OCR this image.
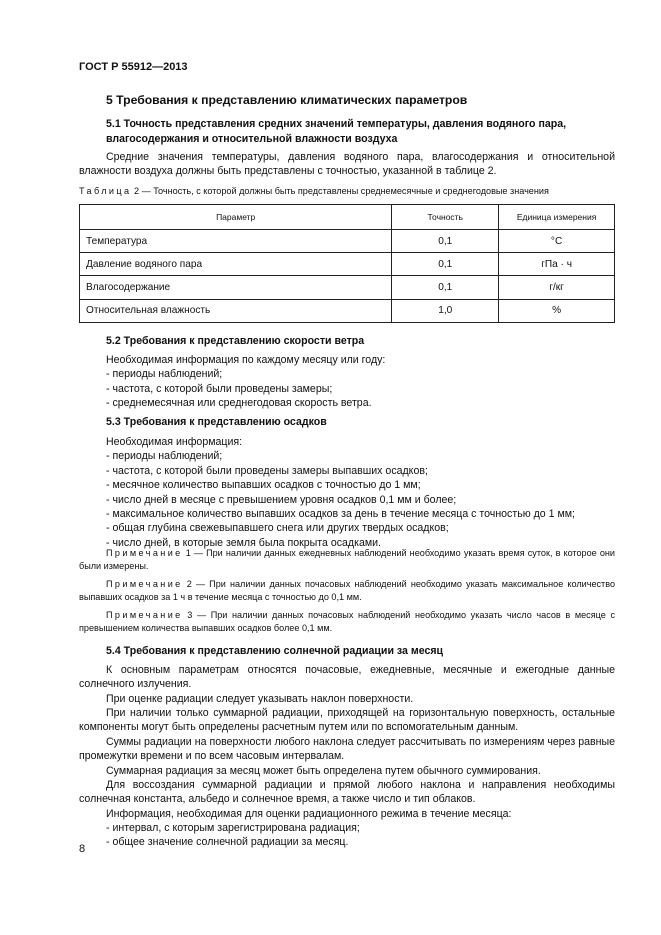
ГОСТ Р 55912—2013
5 Требования к представлению климатических параметров
5.1 Точность представления средних значений температуры, давления водяного пара,
влагосодержания и относительной влажности воздуха
Средние значения температуры, давления водяного пара, влагосодержания и относительной влажности воздуха должны быть представлены с точностью, указанной в таблице 2.
Таблица 2 — Точность, с которой должны быть представлены среднемесячные и среднегодовые значения
Параметр	Точность	Единица измерения
Температура	0,1	°С
Давление водяного пара	0,1	гПа · ч
Влагосодержание	0,1	г/кг
Относительная влажность	1,0	%
5.2 Требования к представлению скорости ветра
Необходимая информация по каждому месяцу или году:
- периоды наблюдений;
- частота, с которой были проведены замеры;
- среднемесячная или среднегодовая скорость ветра.
5.3 Требования к представлению осадков
Необходимая информация:
- периоды наблюдений;
- частота, с которой были проведены замеры выпавших осадков;
- месячное количество выпавших осадков с точностью до 1 мм;
- число дней в месяце с превышением уровня осадков 0,1 мм и более;
- максимальное количество выпавших осадков за день в течение месяца с точностью до 1 мм;
- общая глубина свежевыпавшего снега или других твердых осадков;
- число дней, в которые земля была покрыта осадками.
Примечание 1 — При наличии данных ежедневных наблюдений необходимо указать время суток, в которое они были измерены.
Примечание 2 — При наличии данных почасовых наблюдений необходимо указать максимальное количество выпавших осадков за 1 ч в течение месяца с точностью до 0,1 мм.
Примечание 3 — При наличии данных почасовых наблюдений необходимо указать число часов в месяце с превышением количества выпавших осадков более 0,1 мм.
5.4 Требования к представлению солнечной радиации за месяц
К основным параметрам относятся почасовые, ежедневные, месячные и ежегодные данные солнечного излучения.
При оценке радиации следует указывать наклон поверхности.
При наличии только суммарной радиации, приходящей на горизонтальную поверхность, остальные компоненты могут быть определены расчетным путем или по вспомогательным данным.
Суммы радиации на поверхности любого наклона следует рассчитывать по измерениям через равные промежутки времени и по всем часовым интервалам.
Суммарная радиация за месяц может быть определена путем обычного суммирования.
Для воссоздания суммарной радиации и прямой любого наклона и направления необходимы солнечная константа, альбедо и солнечное время, а также число и тип облаков.
Информация, необходимая для оценки радиационного режима в течение месяца:
- интервал, с которым зарегистрирована радиация;
- общее значение солнечной радиации за месяц.
8
